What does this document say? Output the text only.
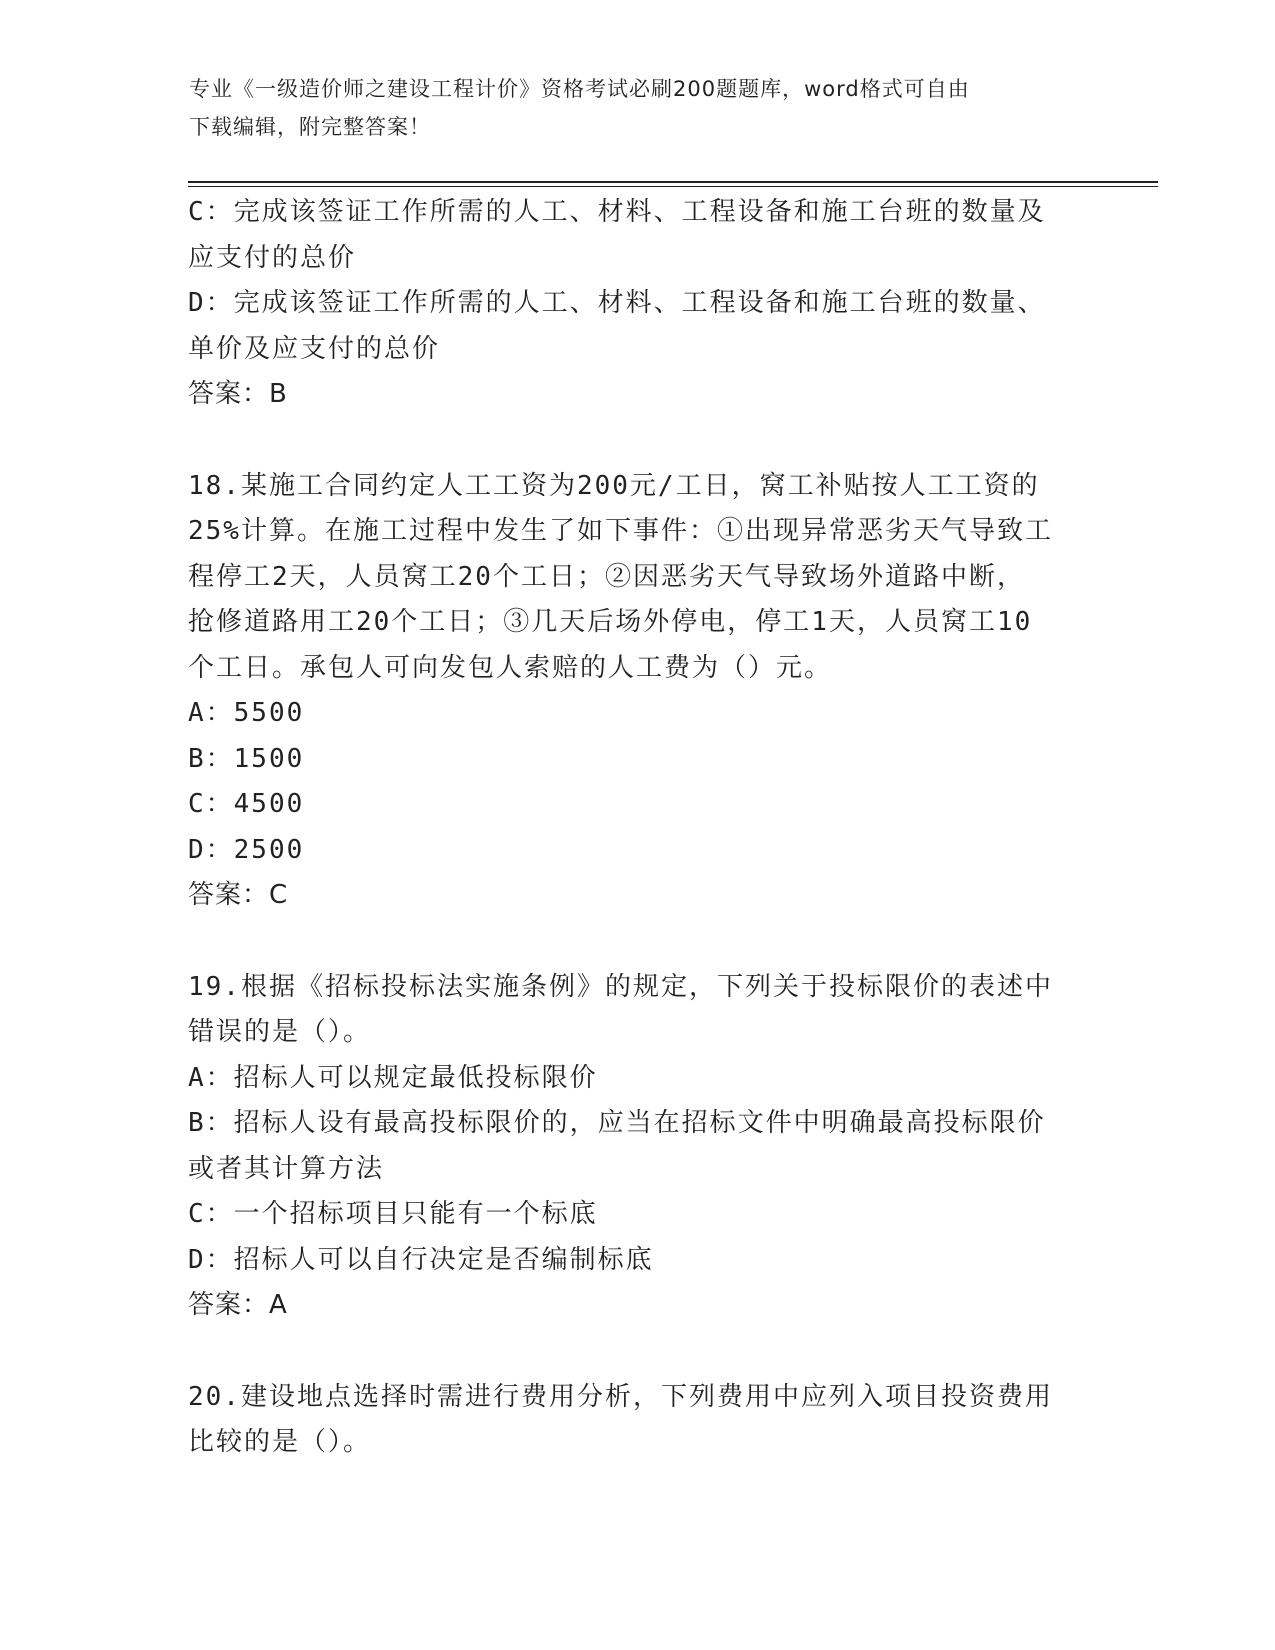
专业《一级造价师之建设工程计价》资格考试必刷200题题库，word格式可自由
下载编辑，附完整答案！
C：完成该签证工作所需的人工、材料、工程设备和施工台班的数量及
应支付的总价
D：完成该签证工作所需的人工、材料、工程设备和施工台班的数量、
单价及应支付的总价
答案：B
18.某施工合同约定人工工资为200元/工日，窝工补贴按人工工资的
25%计算。在施工过程中发生了如下事件：①出现异常恶劣天气导致工
程停工2天，人员窝工20个工日；②因恶劣天气导致场外道路中断，
抢修道路用工20个工日；③几天后场外停电，停工1天，人员窝工10
个工日。承包人可向发包人索赔的人工费为（）元。
A：5500
B：1500
C：4500
D：2500
答案：C
19.根据《招标投标法实施条例》的规定，下列关于投标限价的表述中
错误的是（）。
A：招标人可以规定最低投标限价
B：招标人设有最高投标限价的，应当在招标文件中明确最高投标限价
或者其计算方法
C：一个招标项目只能有一个标底
D：招标人可以自行决定是否编制标底
答案：A
20.建设地点选择时需进行费用分析，下列费用中应列入项目投资费用
比较的是（）。
